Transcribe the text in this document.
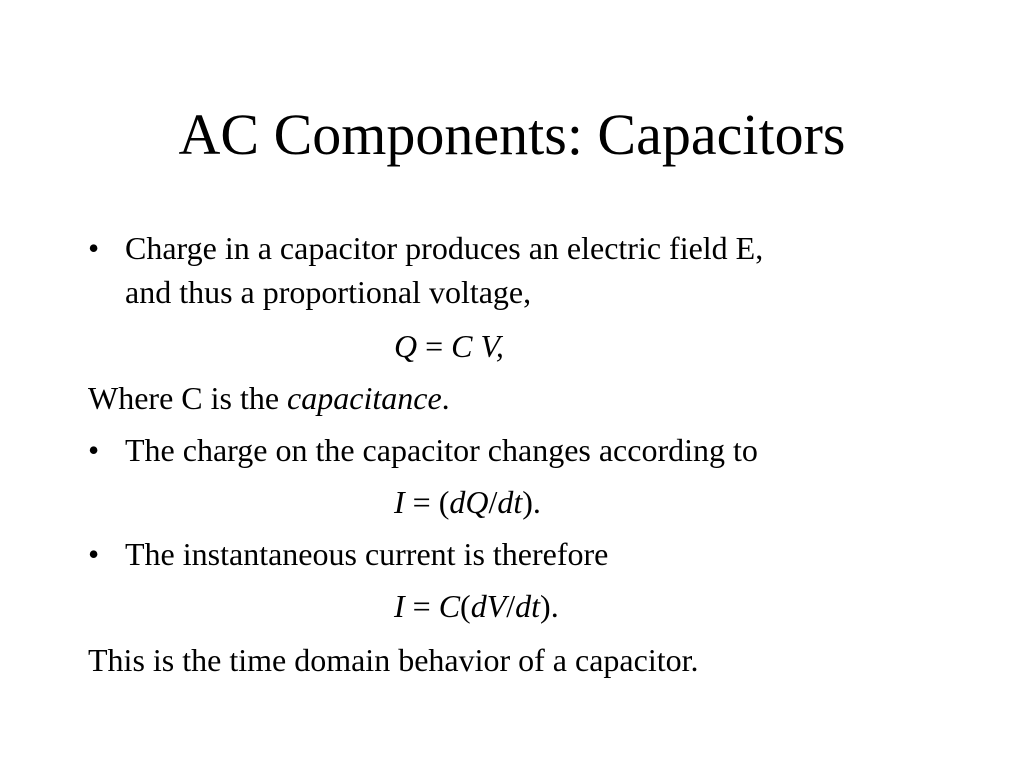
AC Components: Capacitors
• Charge in a capacitor produces an electric field E,
and thus a proportional voltage,
Q = C V,
Where C is the capacitance.
• The charge on the capacitor changes according to
I = (dQ/dt).
• The instantaneous current is therefore
I = C(dV/dt).
This is the time domain behavior of a capacitor.
